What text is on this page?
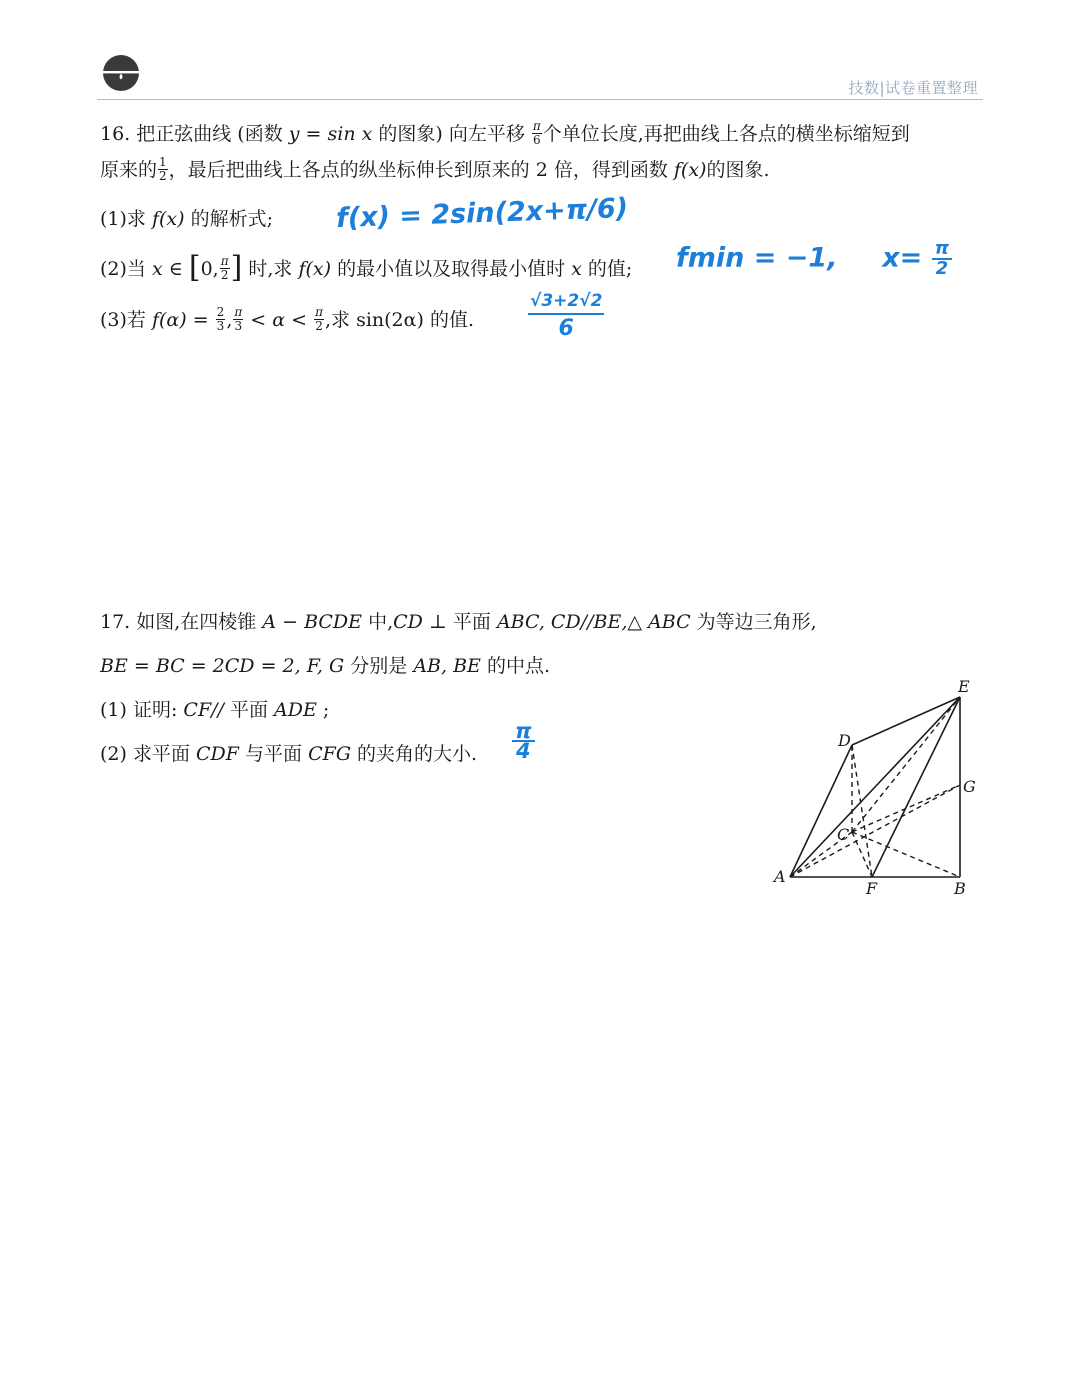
技数|试卷重置整理
16. 把正弦曲线 (函数 y = sin x 的图象) 向左平移 $\frac{\pi}{6}$ 个单位长度,再把曲线上各点的横坐标缩短到
原来的 $\frac{1}{2}$ ，最后把曲线上各点的纵坐标伸长到原来的 2 倍，得到函数 f(x)的图象.
(1)求 f(x) 的解析式;
(2)当 x ∈ [0, $\frac{\pi}{2}$ ] 时,求 f(x) 的最小值以及取得最小值时 x 的值;
(3)若 $f(\alpha) = \frac{2}{3}$ , $\frac{\pi}{3} < \alpha < \frac{\pi}{2}$ ,求 sin(2α) 的值.
f(x) = 2sin(2x+π/6)
fmin = −1, $x= \frac{\pi}{2}$
√3+2√2
6
17. 如图,在四棱锥 A − BCDE 中,CD ⊥ 平面 ABC, CD//BE,△ ABC 为等边三角形,
BE = BC = 2CD = 2, F, G 分别是 AB, BE 的中点.
(1) 证明: CF// 平面 ADE ;
(2) 求平面 CDF 与平面 CFG 的夹角的大小. $\frac{\pi}{4}$
A
B
C
D
E
F
G
